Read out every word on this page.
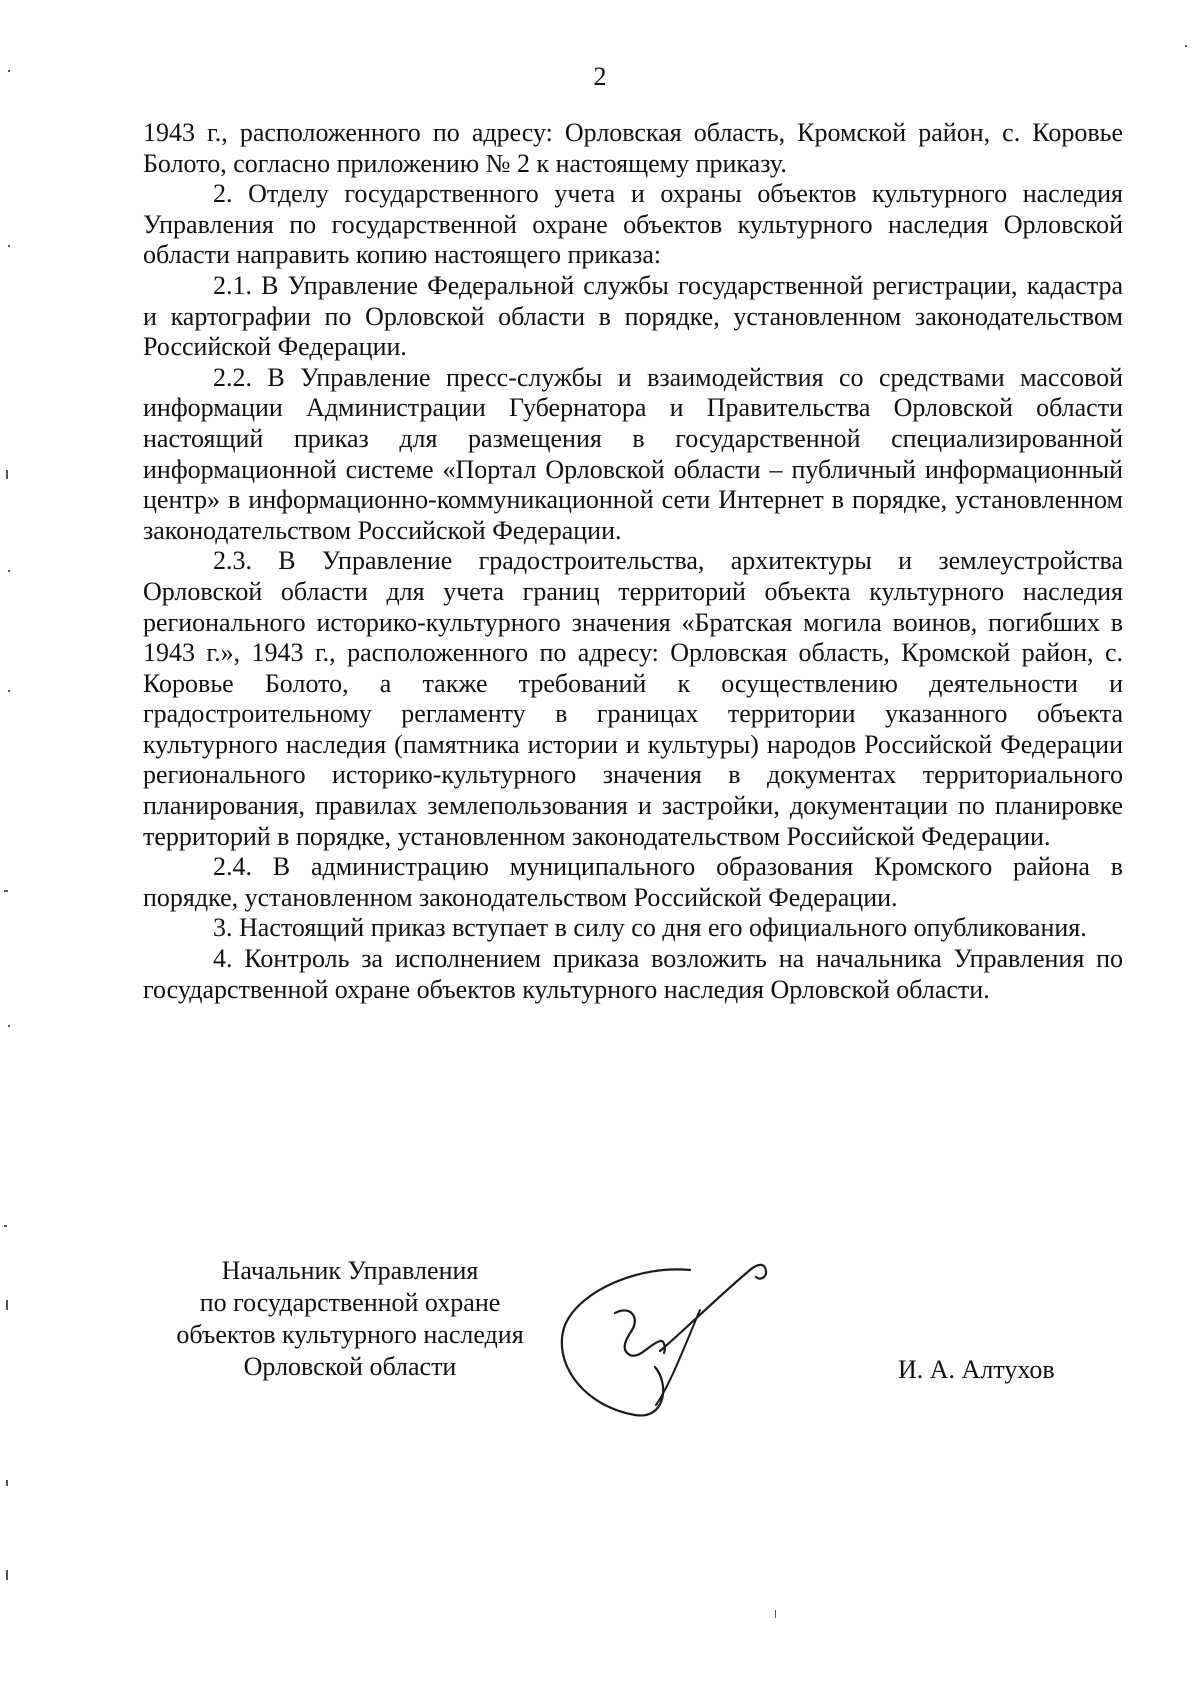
2

1943 г., расположенного по адресу: Орловская область, Кромской район, с. Коровье Болото, согласно приложению № 2 к настоящему приказу.

2. Отделу государственного учета и охраны объектов культурного наследия Управления по государственной охране объектов культурного наследия Орловской области направить копию настоящего приказа:

2.1. В Управление Федеральной службы государственной регистрации, кадастра и картографии по Орловской области в порядке, установленном законодательством Российской Федерации.

2.2. В Управление пресс-службы и взаимодействия со средствами массовой информации Администрации Губернатора и Правительства Орловской области настоящий приказ для размещения в государственной специализированной информационной системе «Портал Орловской области – публичный информационный центр» в информационно-коммуникационной сети Интернет в порядке, установленном законодательством Российской Федерации.

2.3. В Управление градостроительства, архитектуры и землеустройства Орловской области для учета границ территорий объекта культурного наследия регионального историко-культурного значения «Братская могила воинов, погибших в 1943 г.», 1943 г., расположенного по адресу: Орловская область, Кромской район, с. Коровье Болото, а также требований к осуществлению деятельности и градостроительному регламенту в границах территории указанного объекта культурного наследия (памятника истории и культуры) народов Российской Федерации регионального историко-культурного значения в документах территориального планирования, правилах землепользования и застройки, документации по планировке территорий в порядке, установленном законодательством Российской Федерации.

2.4. В администрацию муниципального образования Кромского района в порядке, установленном законодательством Российской Федерации.

3. Настоящий приказ вступает в силу со дня его официального опубликования.

4. Контроль за исполнением приказа возложить на начальника Управления по государственной охране объектов культурного наследия Орловской области.

Начальник Управления
по государственной охране
объектов культурного наследия
Орловской области	И. А. Алтухов
